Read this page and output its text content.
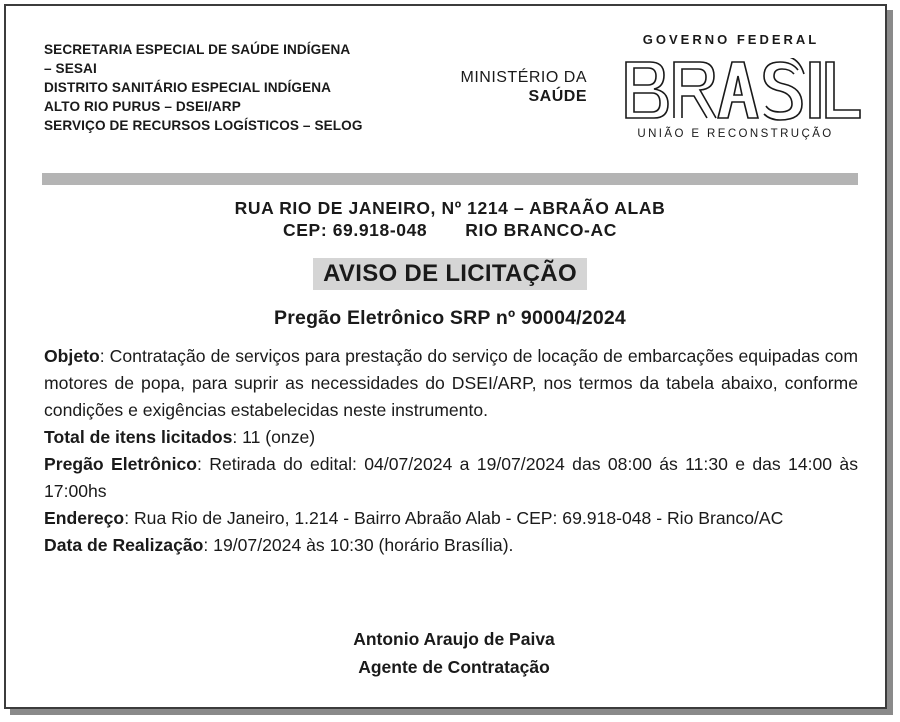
SECRETARIA ESPECIAL DE SAÚDE INDÍGENA
– SESAI
DISTRITO SANITÁRIO ESPECIAL INDÍGENA
ALTO RIO PURUS – DSEI/ARP
SERVIÇO DE RECURSOS LOGÍSTICOS – SELOG
MINISTÉRIO DA
SAÚDE
GOVERNO FEDERAL
UNIÃO E RECONSTRUÇÃO
RUA RIO DE JANEIRO, Nº 1214 – ABRAÃO ALAB
CEP: 69.918-048 RIO BRANCO-AC
AVISO DE LICITAÇÃO
Pregão Eletrônico SRP nº 90004/2024

Objeto: Contratação de serviços para prestação do serviço de locação de embarcações equipadas com motores de popa, para suprir as necessidades do DSEI/ARP, nos termos da tabela abaixo, conforme condições e exigências estabelecidas neste instrumento.

Total de itens licitados: 11 (onze)

Pregão Eletrônico: Retirada do edital: 04/07/2024 a 19/07/2024 das 08:00 ás 11:30 e das 14:00 às 17:00hs

Endereço: Rua Rio de Janeiro, 1.214 - Bairro Abraão Alab - CEP: 69.918-048 - Rio Branco/AC

Data de Realização: 19/07/2024 às 10:30 (horário Brasília).

Antonio Araujo de Paiva
Agente de Contratação
